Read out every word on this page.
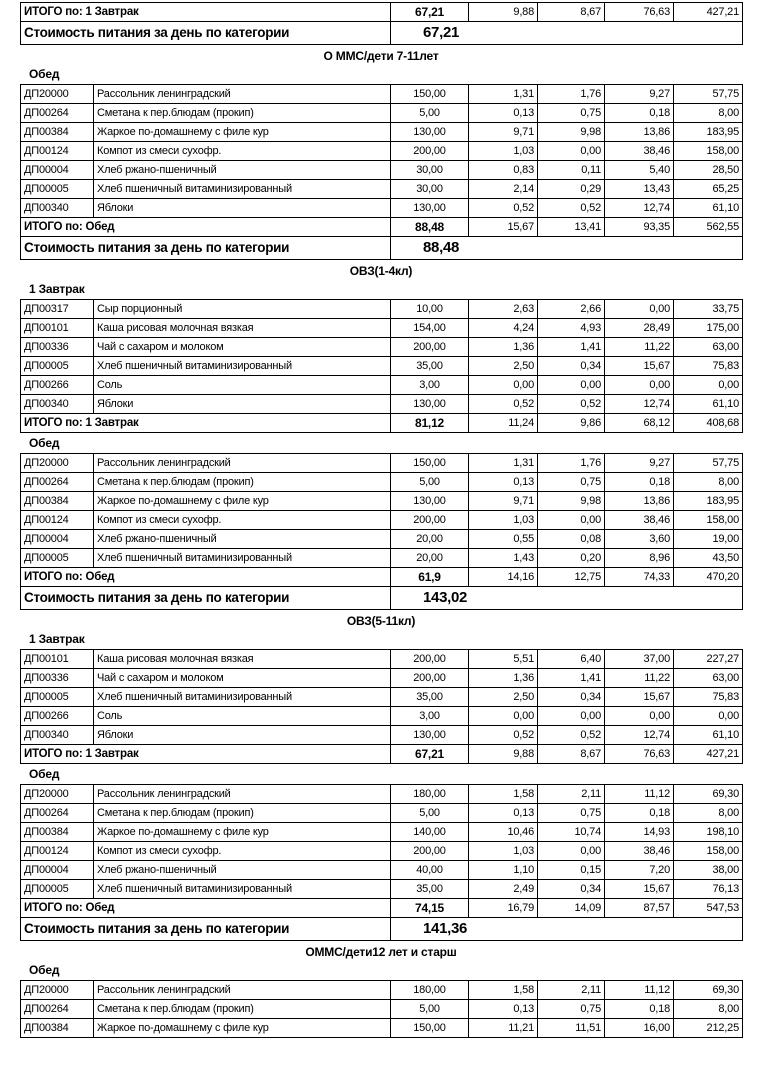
ИТОГО по: 1 Завтрак	67,21	9,88	8,67	76,63	427,21
Стоимость питания за день по категории	67,21				
О ММС/дети 7-11лет
Обед
ДП20000	Рассольник ленинградский	150,00	1,31	1,76	9,27	57,75
ДП00264	Сметана к пер.блюдам (прокип)	5,00	0,13	0,75	0,18	8,00
ДП00384	Жаркое по-домашнему с филе кур	130,00	9,71	9,98	13,86	183,95
ДП00124	Компот из смеси сухофр.	200,00	1,03	0,00	38,46	158,00
ДП00004	Хлеб ржано-пшеничный	30,00	0,83	0,11	5,40	28,50
ДП00005	Хлеб пшеничный витаминизированный	30,00	2,14	0,29	13,43	65,25
ДП00340	Яблоки	130,00	0,52	0,52	12,74	61,10
ИТОГО по: Обед		88,48	15,67	13,41	93,35	562,55
Стоимость питания за день по категории		88,48				
ОВЗ(1-4кл)
1 Завтрак
ДП00317	Сыр порционный	10,00	2,63	2,66	0,00	33,75
ДП00101	Каша рисовая молочная вязкая	154,00	4,24	4,93	28,49	175,00
ДП00336	Чай с сахаром и молоком	200,00	1,36	1,41	11,22	63,00
ДП00005	Хлеб пшеничный витаминизированный	35,00	2,50	0,34	15,67	75,83
ДП00266	Соль	3,00	0,00	0,00	0,00	0,00
ДП00340	Яблоки	130,00	0,52	0,52	12,74	61,10
ИТОГО по: 1 Завтрак		81,12	11,24	9,86	68,12	408,68
Обед
ДП20000	Рассольник ленинградский	150,00	1,31	1,76	9,27	57,75
ДП00264	Сметана к пер.блюдам (прокип)	5,00	0,13	0,75	0,18	8,00
ДП00384	Жаркое по-домашнему с филе кур	130,00	9,71	9,98	13,86	183,95
ДП00124	Компот из смеси сухофр.	200,00	1,03	0,00	38,46	158,00
ДП00004	Хлеб ржано-пшеничный	20,00	0,55	0,08	3,60	19,00
ДП00005	Хлеб пшеничный витаминизированный	20,00	1,43	0,20	8,96	43,50
ИТОГО по: Обед		61,9	14,16	12,75	74,33	470,20
Стоимость питания за день по категории		143,02				
ОВЗ(5-11кл)
1 Завтрак
ДП00101	Каша рисовая молочная вязкая	200,00	5,51	6,40	37,00	227,27
ДП00336	Чай с сахаром и молоком	200,00	1,36	1,41	11,22	63,00
ДП00005	Хлеб пшеничный витаминизированный	35,00	2,50	0,34	15,67	75,83
ДП00266	Соль	3,00	0,00	0,00	0,00	0,00
ДП00340	Яблоки	130,00	0,52	0,52	12,74	61,10
ИТОГО по: 1 Завтрак		67,21	9,88	8,67	76,63	427,21
Обед
ДП20000	Рассольник ленинградский	180,00	1,58	2,11	11,12	69,30
ДП00264	Сметана к пер.блюдам (прокип)	5,00	0,13	0,75	0,18	8,00
ДП00384	Жаркое по-домашнему с филе кур	140,00	10,46	10,74	14,93	198,10
ДП00124	Компот из смеси сухофр.	200,00	1,03	0,00	38,46	158,00
ДП00004	Хлеб ржано-пшеничный	40,00	1,10	0,15	7,20	38,00
ДП00005	Хлеб пшеничный витаминизированный	35,00	2,49	0,34	15,67	76,13
ИТОГО по: Обед		74,15	16,79	14,09	87,57	547,53
Стоимость питания за день по категории		141,36				
ОММС/дети12 лет и старш
Обед
ДП20000	Рассольник ленинградский	180,00	1,58	2,11	11,12	69,30
ДП00264	Сметана к пер.блюдам (прокип)	5,00	0,13	0,75	0,18	8,00
ДП00384	Жаркое по-домашнему с филе кур	150,00	11,21	11,51	16,00	212,25
